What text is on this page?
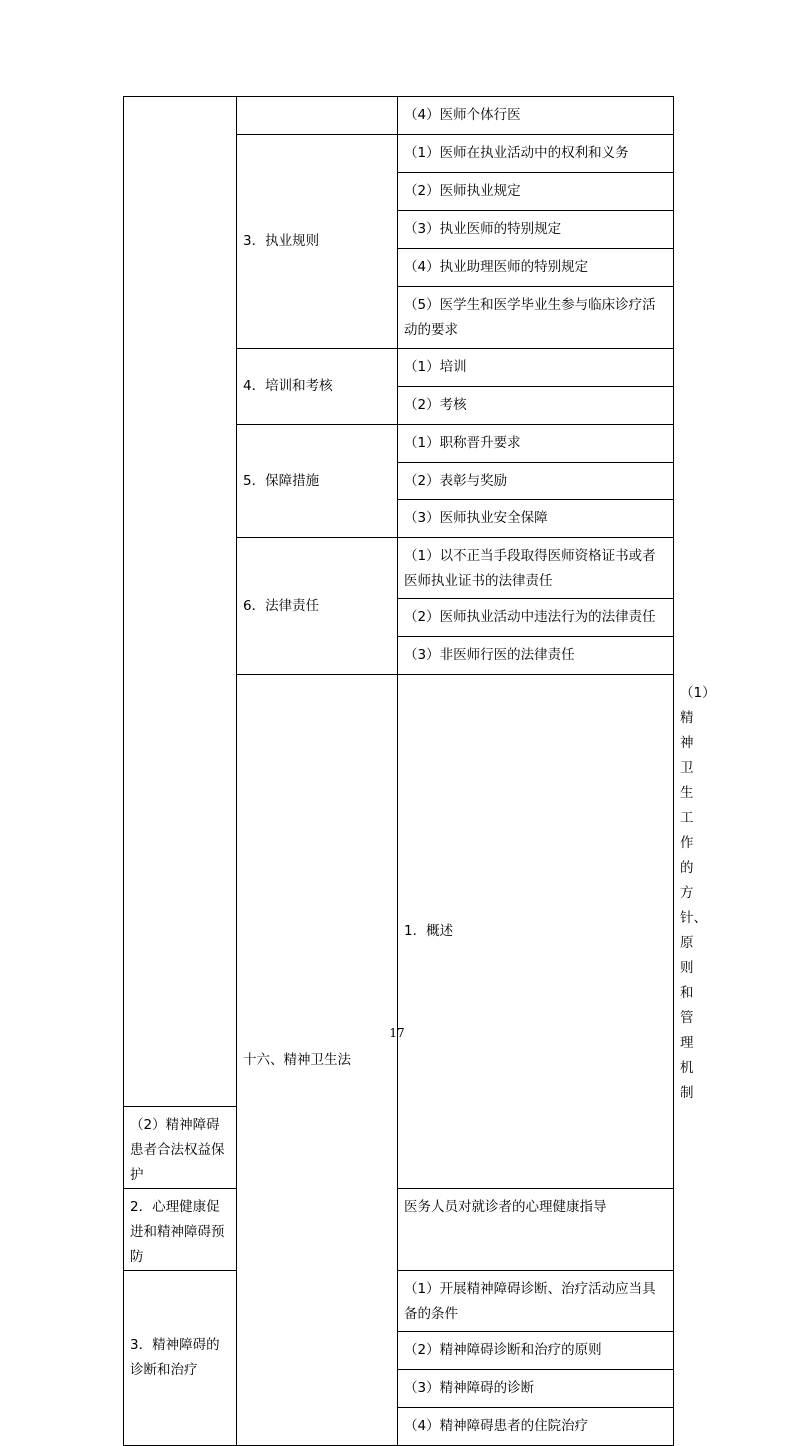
		（4）医师个体行医	
	3．执业规则	（1）医师在执业活动中的权利和义务	
		（2）医师执业规定	
		（3）执业医师的特别规定	
		（4）执业助理医师的特别规定	
		（5）医学生和医学毕业生参与临床诊疗活动的要求	
	4．培训和考核	（1）培训	
		（2）考核	
	5．保障措施	（1）职称晋升要求	
		（2）表彰与奖励	
		（3）医师执业安全保障	
	6．法律责任	（1）以不正当手段取得医师资格证书或者医师执业证书的法律责任	
		（2）医师执业活动中违法行为的法律责任	
		（3）非医师行医的法律责任	
	十六、精神卫生法	1．概述	（1）精神卫生工作的方针、原则和管理机制
（2）精神障碍患者合法权益保护			
2．心理健康促进和精神障碍预防		医务人员对就诊者的心理健康指导	
3．精神障碍的诊断和治疗		（1）开展精神障碍诊断、治疗活动应当具备的条件	
		（2）精神障碍诊断和治疗的原则	
		（3）精神障碍的诊断	
		（4）精神障碍患者的住院治疗	
17
